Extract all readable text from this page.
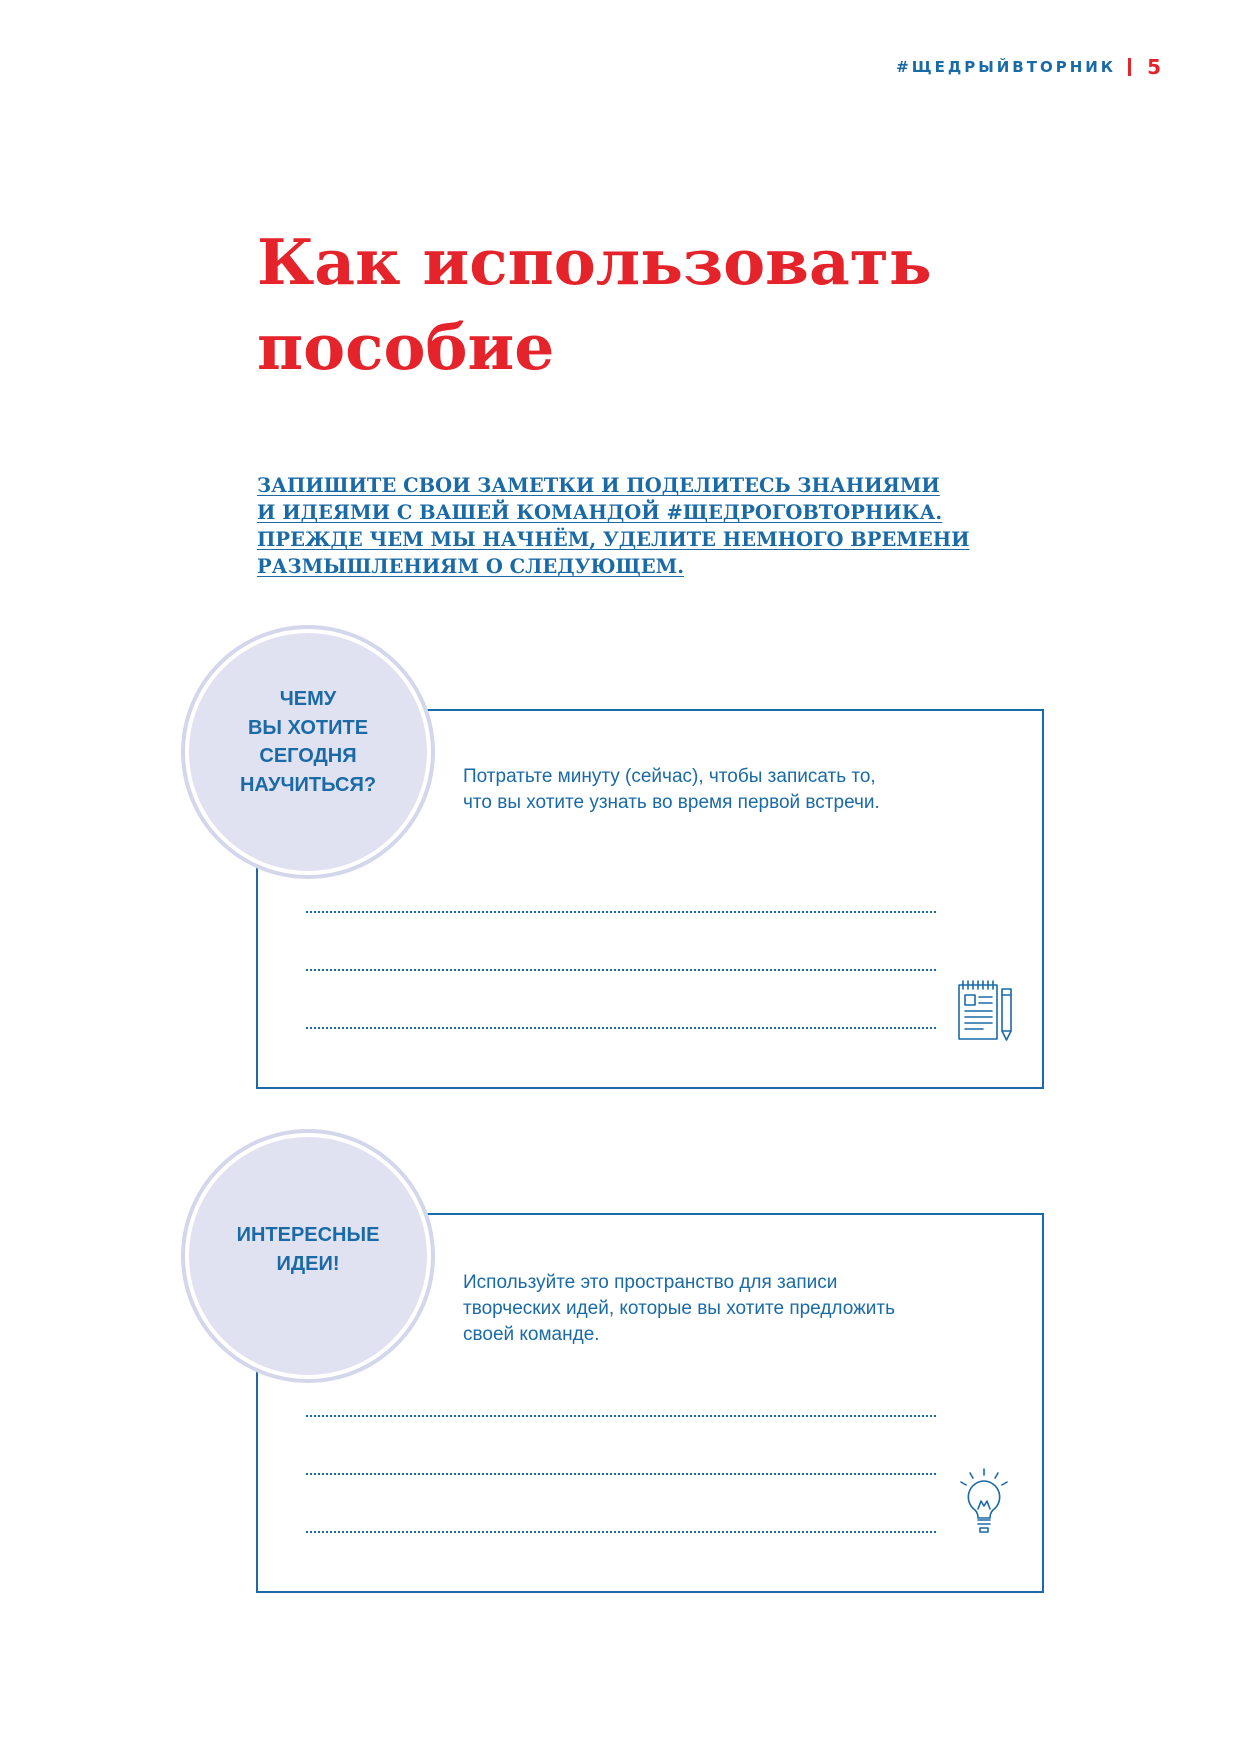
#ЩЕДРЫЙВТОРНИК 5
Как использовать
пособие

ЗАПИШИТЕ СВОИ ЗАМЕТКИ И ПОДЕЛИТЕСЬ ЗНАНИЯМИ
И ИДЕЯМИ С ВАШЕЙ КОМАНДОЙ #ЩЕДРОГОВТОРНИКА.
ПРЕЖДЕ ЧЕМ МЫ НАЧНЁМ, УДЕЛИТЕ НЕМНОГО ВРЕМЕНИ
РАЗМЫШЛЕНИЯМ О СЛЕДУЮЩЕМ.

Потратьте минуту (сейчас), чтобы записать то,
что вы хотите узнать во время первой встречи.
ЧЕМУ
ВЫ ХОТИТЕ
СЕГОДНЯ
НАУЧИТЬСЯ?
Используйте это пространство для записи
творческих идей, которые вы хотите предложить
своей команде.
ИНТЕРЕСНЫЕ
ИДЕИ!
